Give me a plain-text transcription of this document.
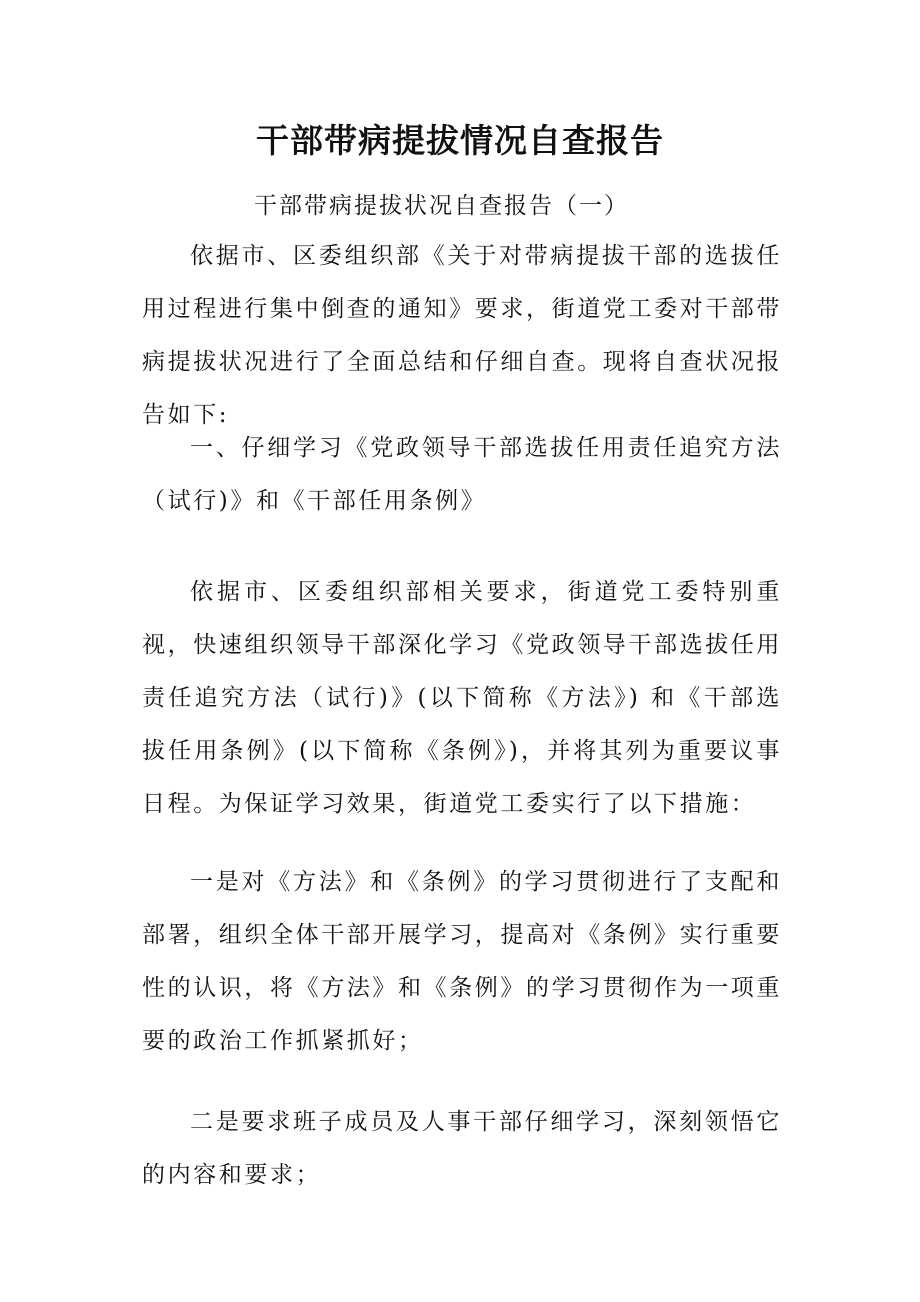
干部带病提拔情况自查报告

干部带病提拔状况自查报告（一）

依据市、区委组织部《关于对带病提拔干部的选拔任用过程进行集中倒查的通知》要求，街道党工委对干部带病提拔状况进行了全面总结和仔细自查。现将自查状况报告如下:

一、仔细学习《党政领导干部选拔任用责任追究方法（试行)》和《干部任用条例》

依据市、区委组织部相关要求，街道党工委特别重视，快速组织领导干部深化学习《党政领导干部选拔任用责任追究方法（试行)》(以下简称《方法》) 和《干部选拔任用条例》(以下简称《条例》)，并将其列为重要议事日程。为保证学习效果，街道党工委实行了以下措施：

一是对《方法》和《条例》的学习贯彻进行了支配和部署，组织全体干部开展学习，提高对《条例》实行重要性的认识，将《方法》和《条例》的学习贯彻作为一项重要的政治工作抓紧抓好；

二是要求班子成员及人事干部仔细学习，深刻领悟它的内容和要求；
